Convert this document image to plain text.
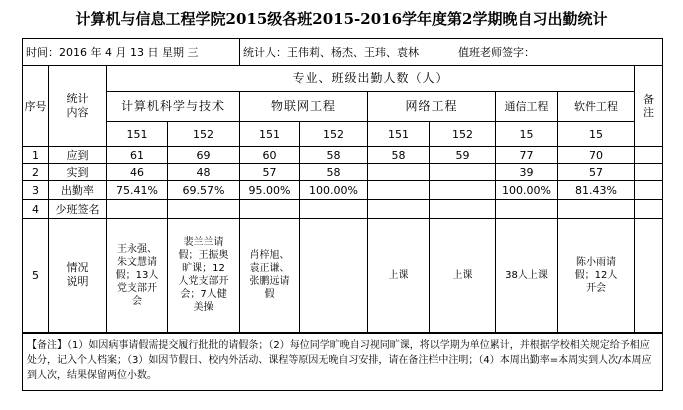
计算机与信息工程学院2015级各班2015-2016学年度第2学期晚自习出勤统计
时间：2016 年 4 月 13 日 星期 三				统计人：王伟莉、杨杰、王玮、袁林 值班老师签字：						
序号	统计内容	专业、班级出勤人数（人）								备注

		计算机科学与技术		物联网工程		网络工程		通信工程	软件工程	
		151	152	151	152	151	152	15	15	
1	应到	61	69	60	58	58	59	77	70	
2	实到	46	48	57	58			39	57	
3	出勤率	75.41%	69.57%	95.00%	100.00%			100.00%	81.43%	
4	少班签名									
5	情况说明	王永强、朱文慧请假；13人党支部开会	裴兰兰请假；王振奥旷课；12人党支部开会；7人健美操	肖梓旭、袁正谦、张鹏远请假		上课	上课	38人上课	陈小雨请假；12人开会	

【备注】（1）如因病事请假需提交履行批批的请假条；（2）每位同学旷晚自习视同旷课，将以学期为单位累计，并根据学校相关规定给予相应处分，记入个人档案；（3）如因节假日、校内外活动、课程等原因无晚自习安排，请在备注栏中注明；（4）本周出勤率=本周实到人次/本周应到人次，结果保留两位小数。										
